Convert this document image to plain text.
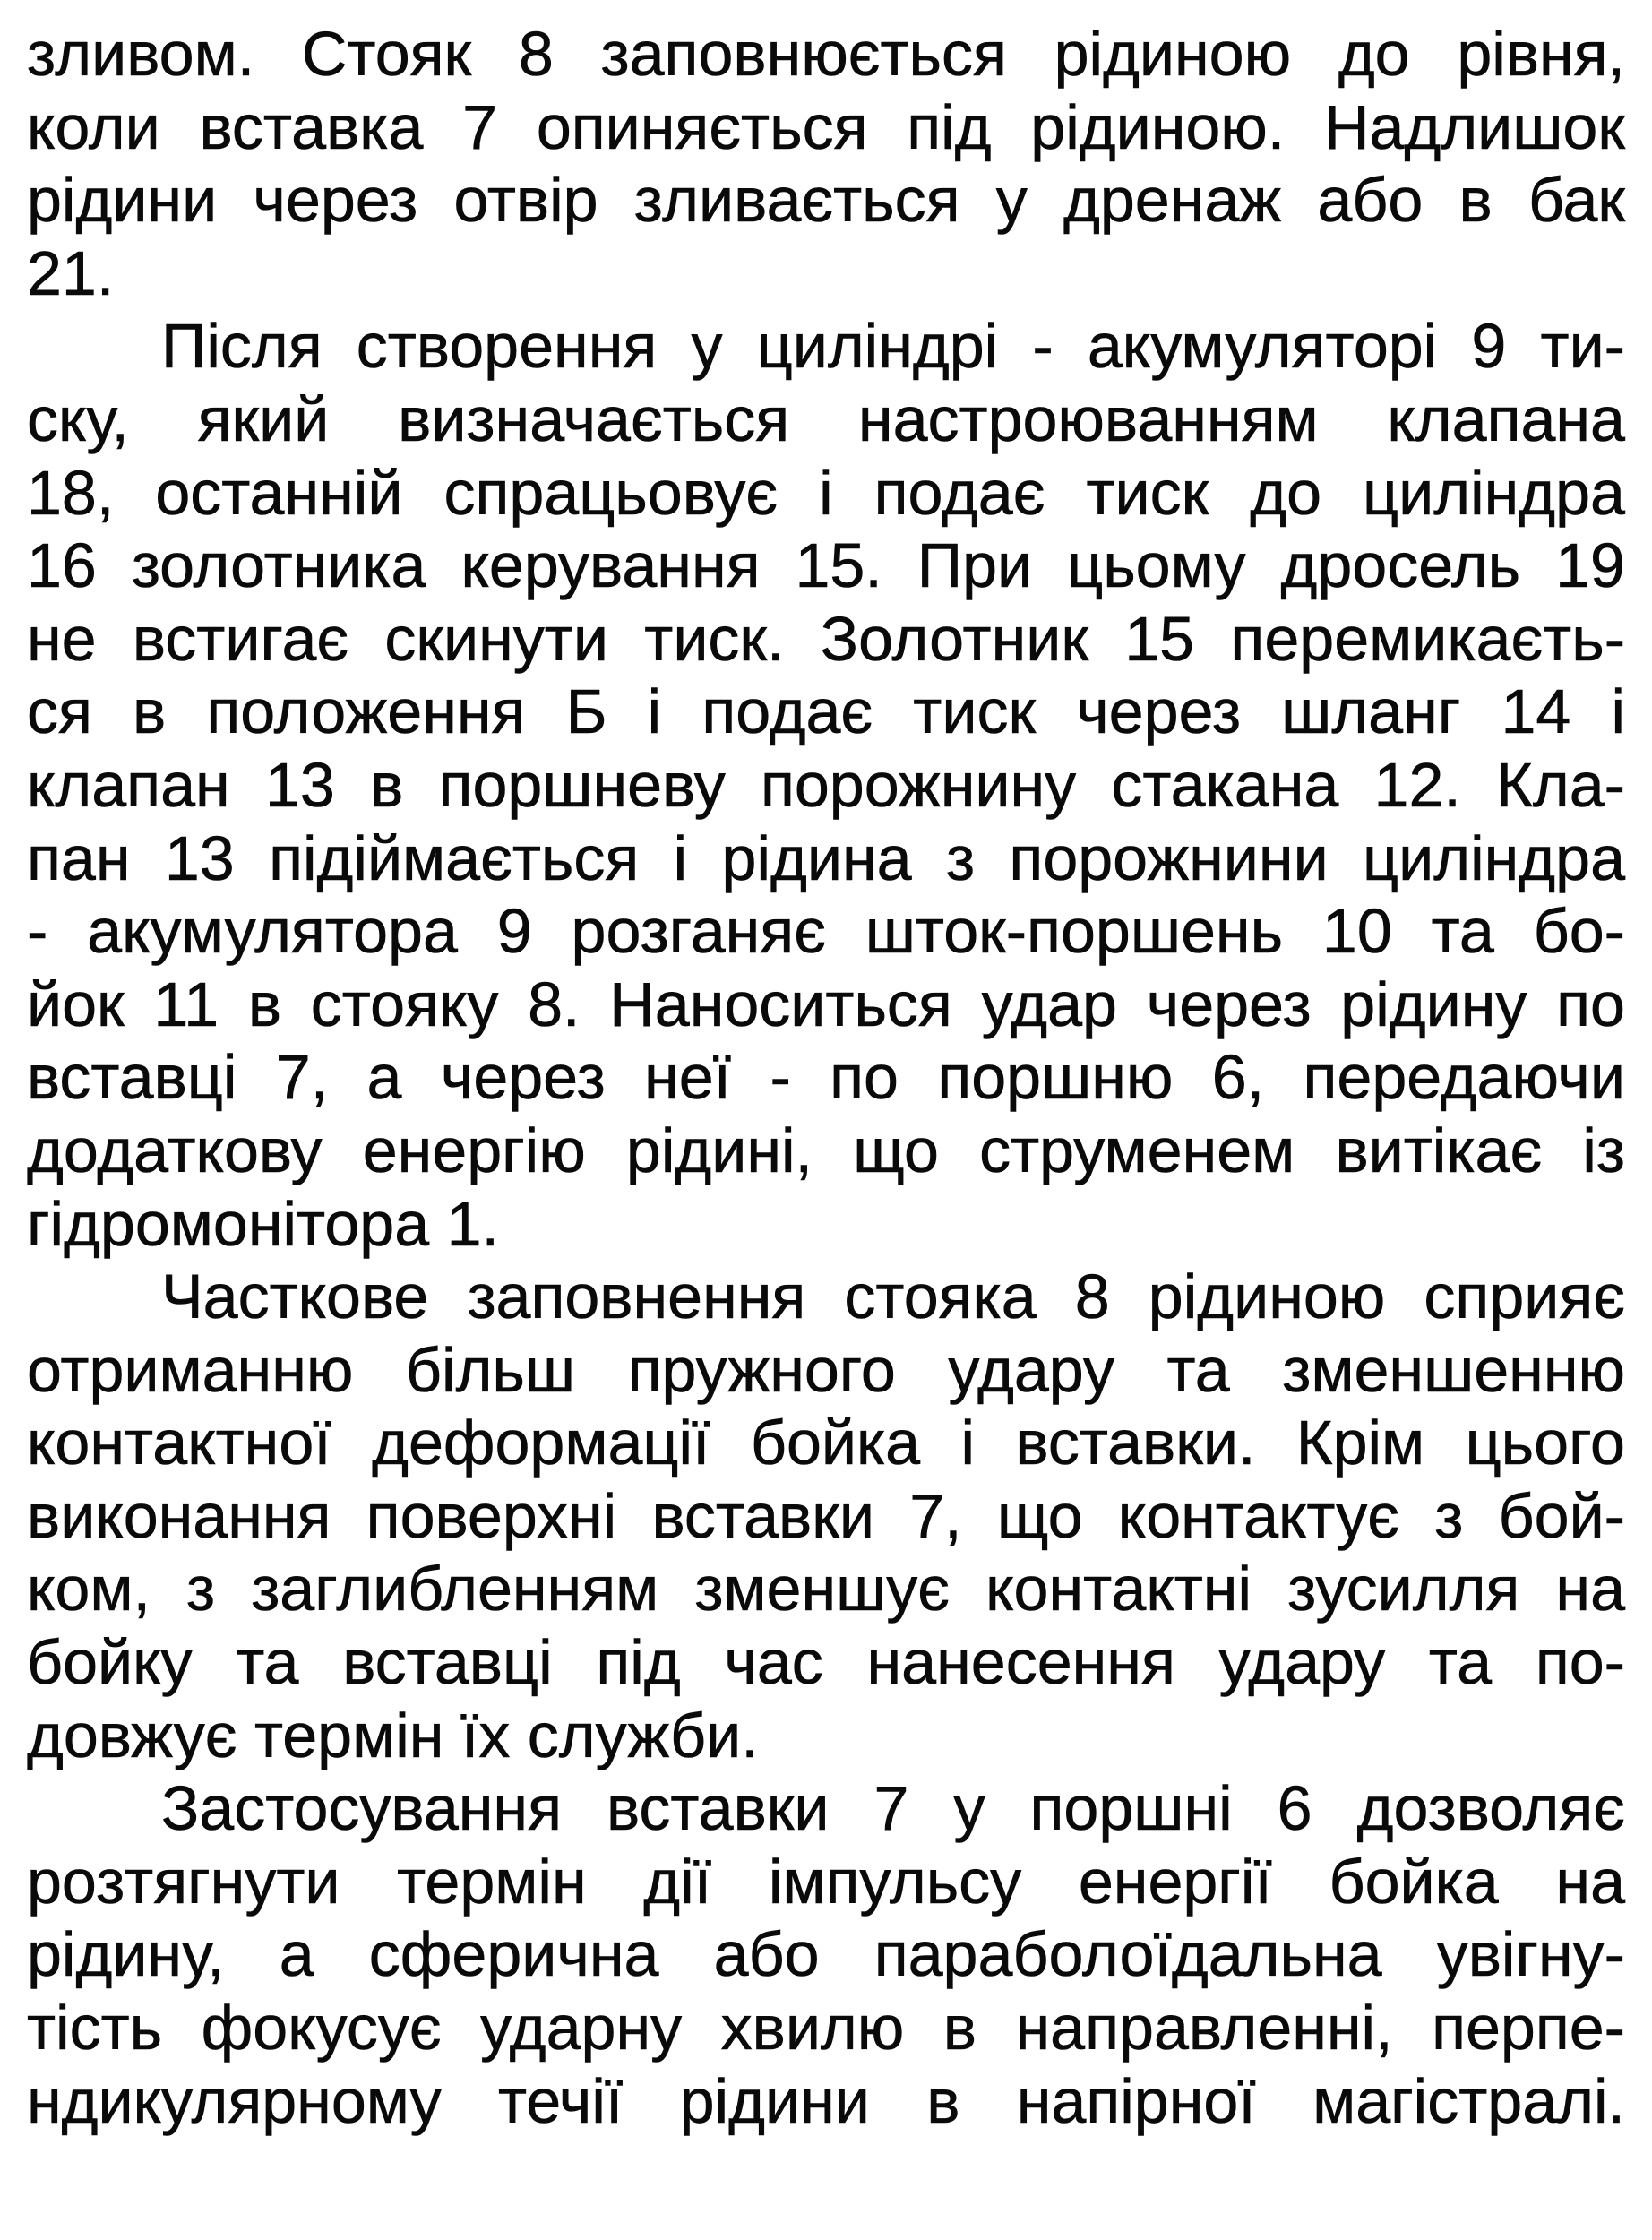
зливом. Стояк 8 заповнюється рідиною до рівня,
коли вставка 7 опиняється під рідиною. Надлишок
рідини через отвір зливається у дренаж або в бак
21.
Після створення у циліндрі - акумуляторі 9 ти-
ску, який визначається настроюванням клапана
18, останній спрацьовує і подає тиск до циліндра
16 золотника керування 15. При цьому дросель 19
не встигає скинути тиск. Золотник 15 перемикаєть-
ся в положення Б і подає тиск через шланг 14 і
клапан 13 в поршневу порожнину стакана 12. Кла-
пан 13 підіймається і рідина з порожнини циліндра
- акумулятора 9 розганяє шток-поршень 10 та бо-
йок 11 в стояку 8. Наноситься удар через рідину по
вставці 7, а через неї - по поршню 6, передаючи
додаткову енергію рідині, що струменем витікає із
гідромонітора 1.
Часткове заповнення стояка 8 рідиною сприяє
отриманню більш пружного удару та зменшенню
контактної деформації бойка і вставки. Крім цього
виконання поверхні вставки 7, що контактує з бой-
ком, з заглибленням зменшує контактні зусилля на
бойку та вставці під час нанесення удару та по-
довжує термін їх служби.
Застосування вставки 7 у поршні 6 дозволяє
розтягнути термін дії імпульсу енергії бойка на
рідину, а сферична або параболоїдальна увігну-
тість фокусує ударну хвилю в направленні, перпе-
ндикулярному течії рідини в напірної магістралі.
